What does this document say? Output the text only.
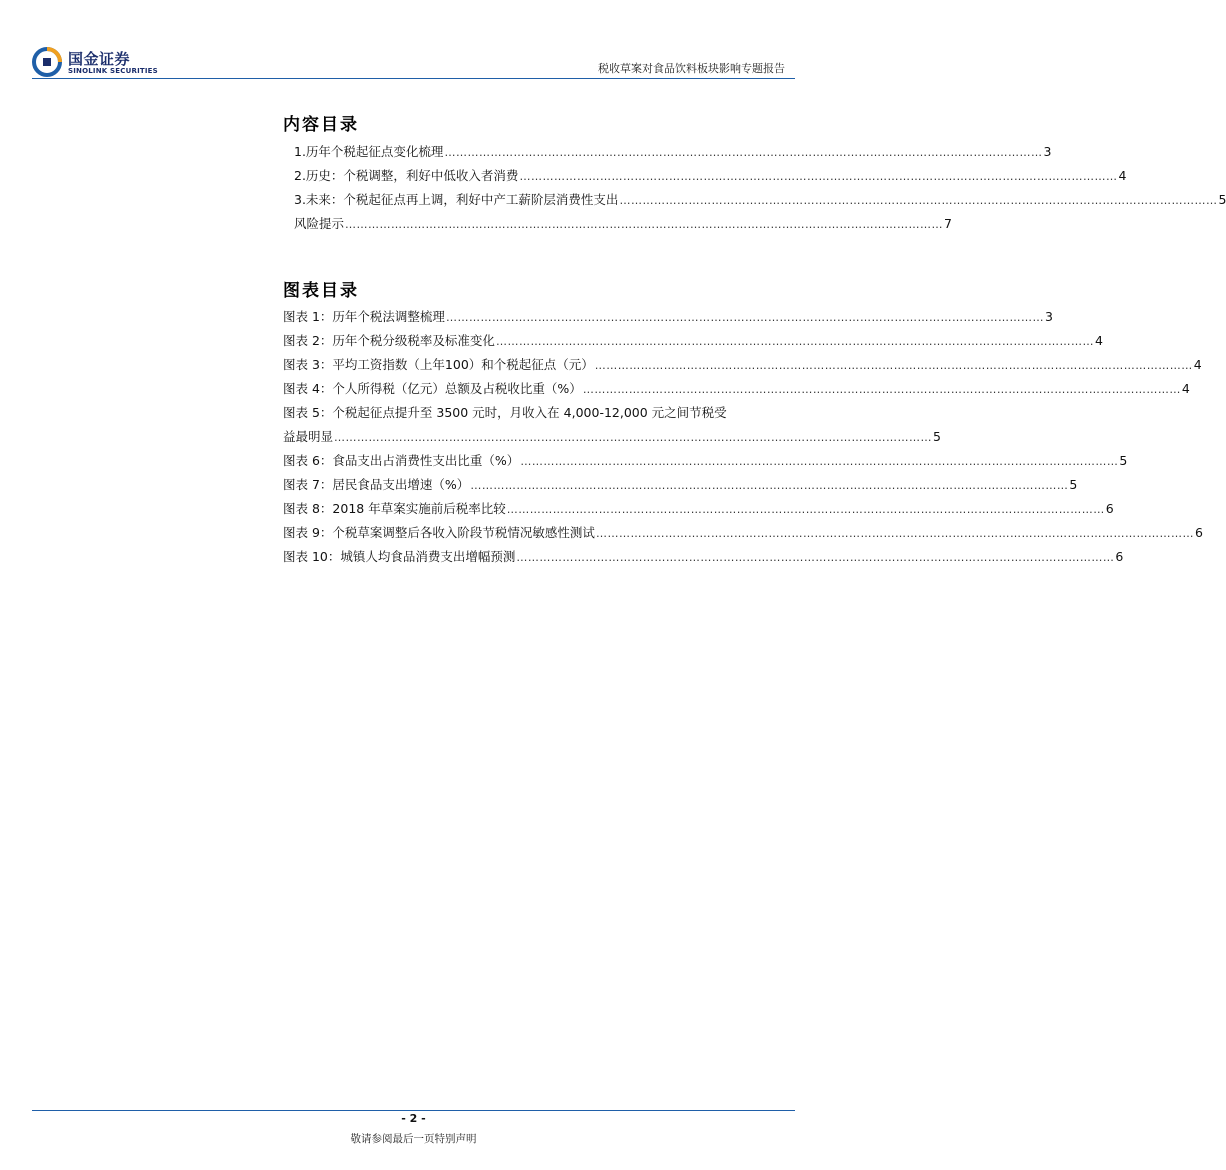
国金证券
SINOLINK SECURITIES	税收草案对食品饮料板块影响专题报告
内容目录
1.历年个税起征点变化梳理 ………………………………………………………………………………………………………………………………………… 3
2.历史：个税调整，利好中低收入者消费 ………………………………………………………………………………………………………………………………………… 4
3.未来：个税起征点再上调，利好中产工薪阶层消费性支出 ………………………………………………………………………………………………………………………………………… 5
风险提示 ………………………………………………………………………………………………………………………………………… 7
图表目录
图表 1：历年个税法调整梳理 ………………………………………………………………………………………………………………………………………… 3
图表 2：历年个税分级税率及标准变化 ………………………………………………………………………………………………………………………………………… 4
图表 3：平均工资指数（上年100）和个税起征点（元） ………………………………………………………………………………………………………………………………………… 4
图表 4：个人所得税（亿元）总额及占税收比重（%） ………………………………………………………………………………………………………………………………………… 4
图表 5：个税起征点提升至 3500 元时，月收入在 4,000-12,000 元之间节税受
益最明显 ………………………………………………………………………………………………………………………………………… 5
图表 6：食品支出占消费性支出比重（%） ………………………………………………………………………………………………………………………………………… 5
图表 7：居民食品支出增速（%） ………………………………………………………………………………………………………………………………………… 5
图表 8：2018 年草案实施前后税率比较 ………………………………………………………………………………………………………………………………………… 6
图表 9：个税草案调整后各收入阶段节税情况敏感性测试 ………………………………………………………………………………………………………………………………………… 6
图表 10：城镇人均食品消费支出增幅预测 ………………………………………………………………………………………………………………………………………… 6
- 2 -
敬请参阅最后一页特别声明
